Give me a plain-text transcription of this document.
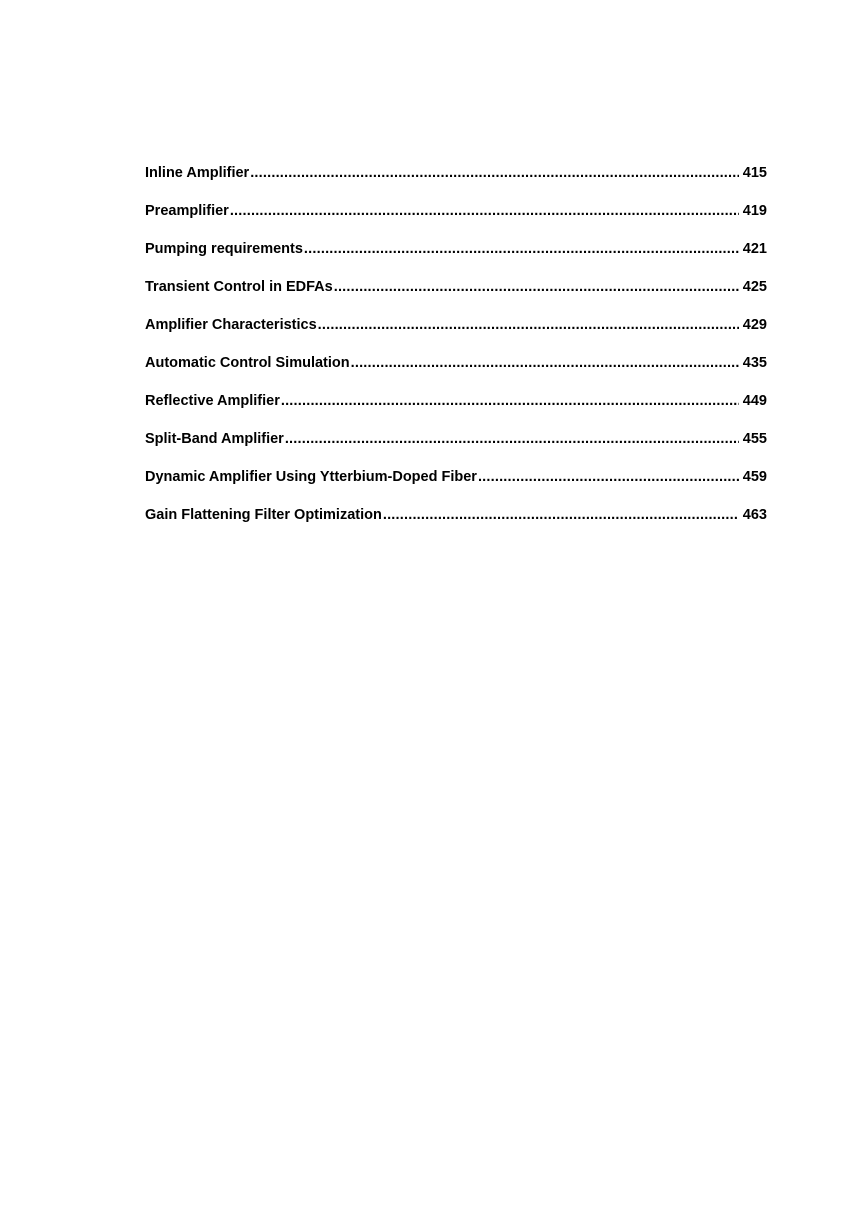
Inline Amplifier .....	415
Preamplifier .....	419
Pumping requirements .....	421
Transient Control in EDFAs .....	425
Amplifier Characteristics .....	429
Automatic Control Simulation .....	435
Reflective Amplifier .....	449
Split-Band Amplifier .....	455
Dynamic Amplifier Using Ytterbium-Doped Fiber .....	459
Gain Flattening Filter Optimization .....	463
